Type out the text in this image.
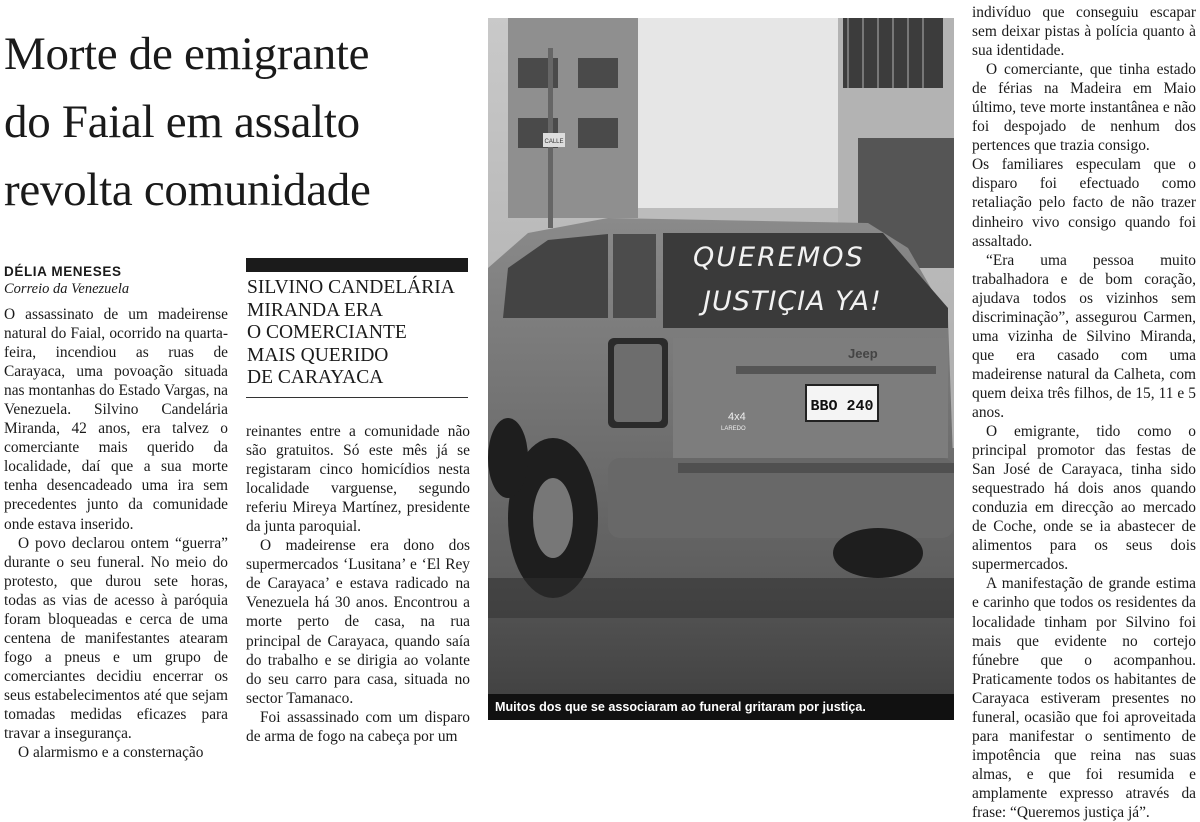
Morte de emigrante
do Faial em assalto
revolta comunidade
DÉLIA MENESES
Correio da Venezuela

O assassinato de um madeirense natural do Faial, ocorrido na quarta-feira, incendiou as ruas de Carayaca, uma povoação situada nas montanhas do Estado Vargas, na Venezuela. Silvino Candelária Miranda, 42 anos, era talvez o comerciante mais querido da localidade, daí que a sua morte tenha desencadeado uma ira sem precedentes junto da comunidade onde estava inserido.

O povo declarou ontem “guerra” durante o seu funeral. No meio do protesto, que durou sete horas, todas as vias de acesso à paróquia foram bloqueadas e cerca de uma centena de manifestantes atearam fogo a pneus e um grupo de comerciantes decidiu encerrar os seus estabelecimentos até que sejam tomadas medidas eficazes para travar a insegurança.

O alarmismo e a consternação

SILVINO CANDELÁRIA
MIRANDA ERA
O COMERCIANTE
MAIS QUERIDO
DE CARAYACA

reinantes entre a comunidade não são gratuitos. Só este mês já se registaram cinco homicídios nesta localidade varguense, segundo referiu Mireya Martínez, presidente da junta paroquial.

O madeirense era dono dos supermercados ‘Lusitana’ e ‘El Rey de Carayaca’ e estava radicado na Venezuela há 30 anos. Encontrou a morte perto de casa, na rua principal de Carayaca, quando saía do trabalho e se dirigia ao volante do seu carro para casa, situada no sector Tamanaco.

Foi assassinado com um disparo de arma de fogo na cabeça por um

CALLE
QUEREMOS
JUSTIÇIA YA!
Jeep
BBO 240
4x4
LAREDO
Muitos dos que se associaram ao funeral gritaram por justiça.

indivíduo que conseguiu escapar sem deixar pistas à polícia quanto à sua identidade.

O comerciante, que tinha estado de férias na Madeira em Maio último, teve morte instantânea e não foi despojado de nenhum dos pertences que trazia consigo.

Os familiares especulam que o disparo foi efectuado como retaliação pelo facto de não trazer dinheiro vivo consigo quando foi assaltado.

“Era uma pessoa muito trabalhadora e de bom coração, ajudava todos os vizinhos sem discriminação”, assegurou Carmen, uma vizinha de Silvino Miranda, que era casado com uma madeirense natural da Calheta, com quem deixa três filhos, de 15, 11 e 5 anos.

O emigrante, tido como o principal promotor das festas de San José de Carayaca, tinha sido sequestrado há dois anos quando conduzia em direcção ao mercado de Coche, onde se ia abastecer de alimentos para os seus dois supermercados.

A manifestação de grande estima e carinho que todos os residentes da localidade tinham por Silvino foi mais que evidente no cortejo fúnebre que o acompanhou. Praticamente todos os habitantes de Carayaca estiveram presentes no funeral, ocasião que foi aproveitada para manifestar o sentimento de impotência que reina nas suas almas, e que foi resumida e amplamente expresso através da frase: “Queremos justiça já”.
